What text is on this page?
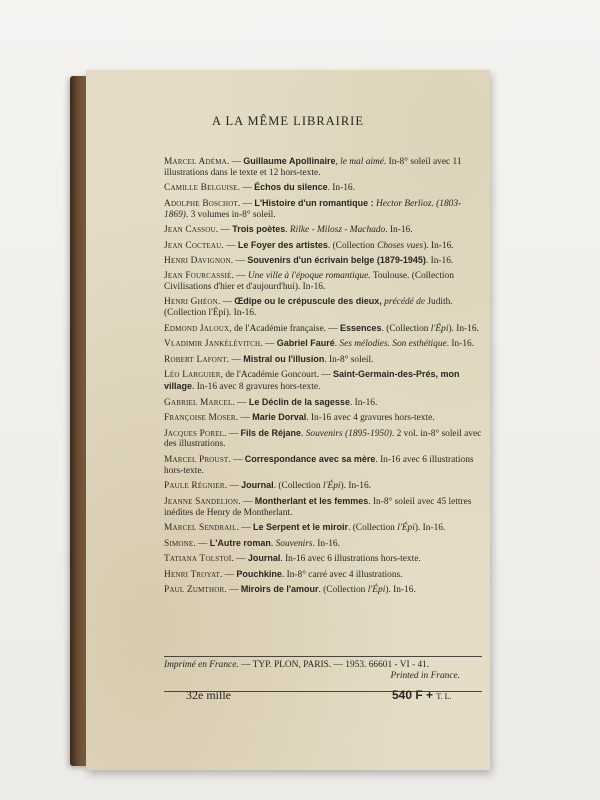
A LA MÊME LIBRAIRIE
Marcel Adéma. — Guillaume Apollinaire, le mal aimé. In-8° soleil avec 11 illustrations dans le texte et 12 hors-texte.
Camille Belguise. — Échos du silence. In-16.
Adolphe Boschot. — L'Histoire d'un romantique : Hector Berlioz. (1803-1869). 3 volumes in-8° soleil.
Jean Cassou. — Trois poètes. Rilke - Milosz - Machado. In-16.
Jean Cocteau. — Le Foyer des artistes. (Collection Choses vues). In-16.
Henri Davignon. — Souvenirs d'un écrivain belge (1879-1945). In-16.
Jean Fourcassié. — Une ville à l'époque romantique. Toulouse. (Collection Civilisations d'hier et d'aujourd'hui). In-16.
Henri Ghéon. — Œdipe ou le crépuscule des dieux, précédé de Judith. (Collection l'Épi). In-16.
Edmond Jaloux, de l'Académie française. — Essences. (Collection l'Épi). In-16.
Vladimir Jankélévitch. — Gabriel Fauré. Ses mélodies. Son esthétique. In-16.
Robert Lafont. — Mistral ou l'illusion. In-8° soleil.
Léo Larguier, de l'Académie Goncourt. — Saint-Germain-des-Prés, mon village. In-16 avec 8 gravures hors-texte.
Gabriel Marcel. — Le Déclin de la sagesse. In-16.
Françoise Moser. — Marie Dorval. In-16 avec 4 gravures hors-texte.
Jacques Porel. — Fils de Réjane. Souvenirs (1895-1950). 2 vol. in-8° soleil avec des illustrations.
Marcel Proust. — Correspondance avec sa mère. In-16 avec 6 illustrations hors-texte.
Paule Régnier. — Journal. (Collection l'Épi). In-16.
Jeanne Sandelion. — Montherlant et les femmes. In-8° soleil avec 45 lettres inédites de Henry de Montherlant.
Marcel Sendrail. — Le Serpent et le miroir. (Collection l'Épi). In-16.
Simone. — L'Autre roman. Souvenirs. In-16.
Tatiana Tolstoï. — Journal. In-16 avec 6 illustrations hors-texte.
Henri Troyat. — Pouchkine. In-8° carré avec 4 illustrations.
Paul Zumthor. — Miroirs de l'amour. (Collection l'Épi). In-16.
Imprimé en France. — TYP. PLON, PARIS. — 1953. 66601 - VI - 41.
Printed in France.
32e mille	540 F + T. L.
